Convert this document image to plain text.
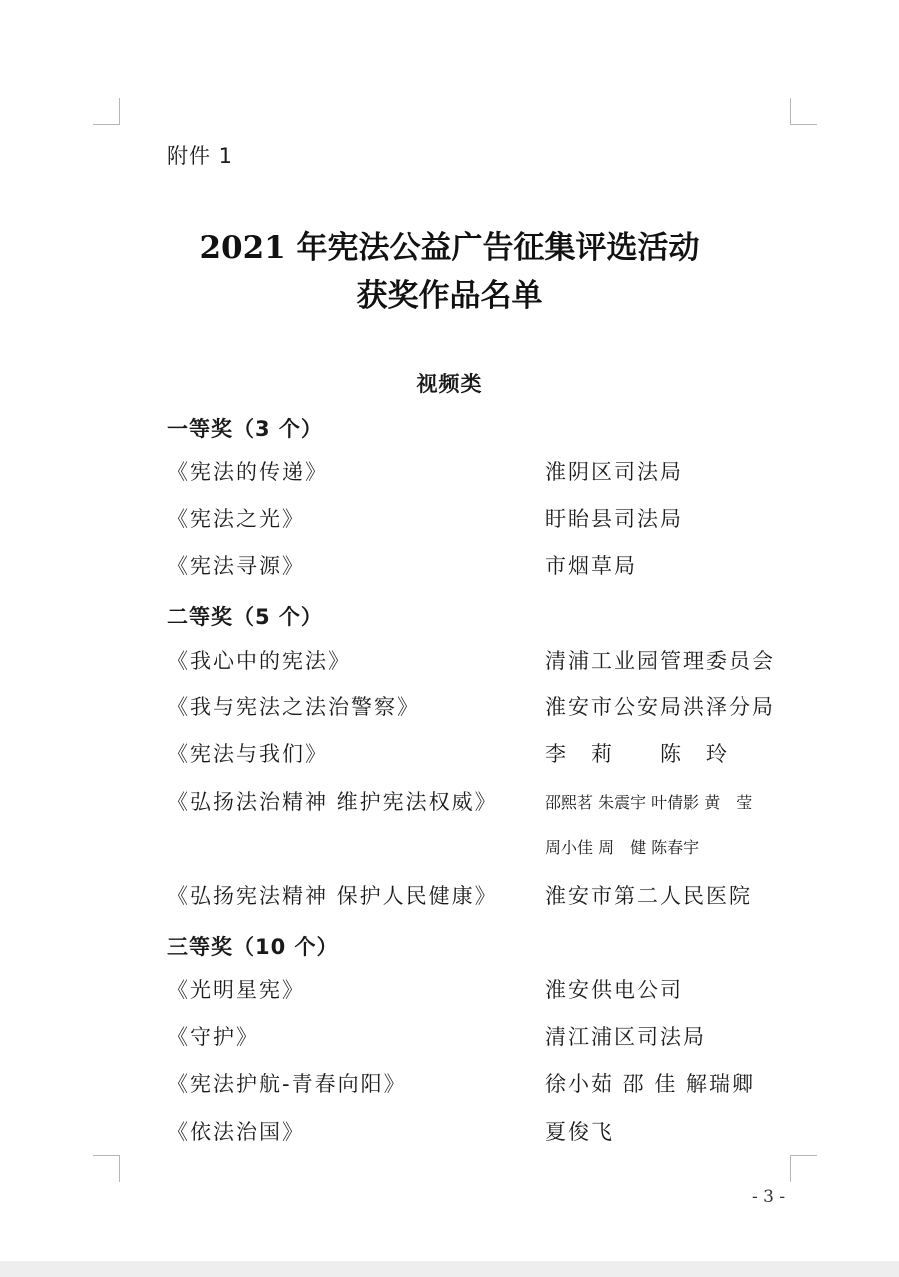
附件 1
2021 年宪法公益广告征集评选活动
获奖作品名单
视频类
一等奖（3 个）
《宪法的传递》	淮阴区司法局
《宪法之光》	盱眙县司法局
《宪法寻源》	市烟草局
二等奖（5 个）
《我心中的宪法》	清浦工业园管理委员会
《我与宪法之法治警察》	淮安市公安局洪泽分局
《宪法与我们》	李　莉　　陈　玲
《弘扬法治精神 维护宪法权威》	邵熙茗 朱震宇 叶倩影 黄　莹
周小佳 周　健 陈春宇
《弘扬宪法精神 保护人民健康》 淮安市第二人民医院
三等奖（10 个）
《光明星宪》	淮安供电公司
《守护》	清江浦区司法局
《宪法护航-青春向阳》	徐小茹 邵 佳 解瑞卿
《依法治国》	夏俊飞
- 3 -
